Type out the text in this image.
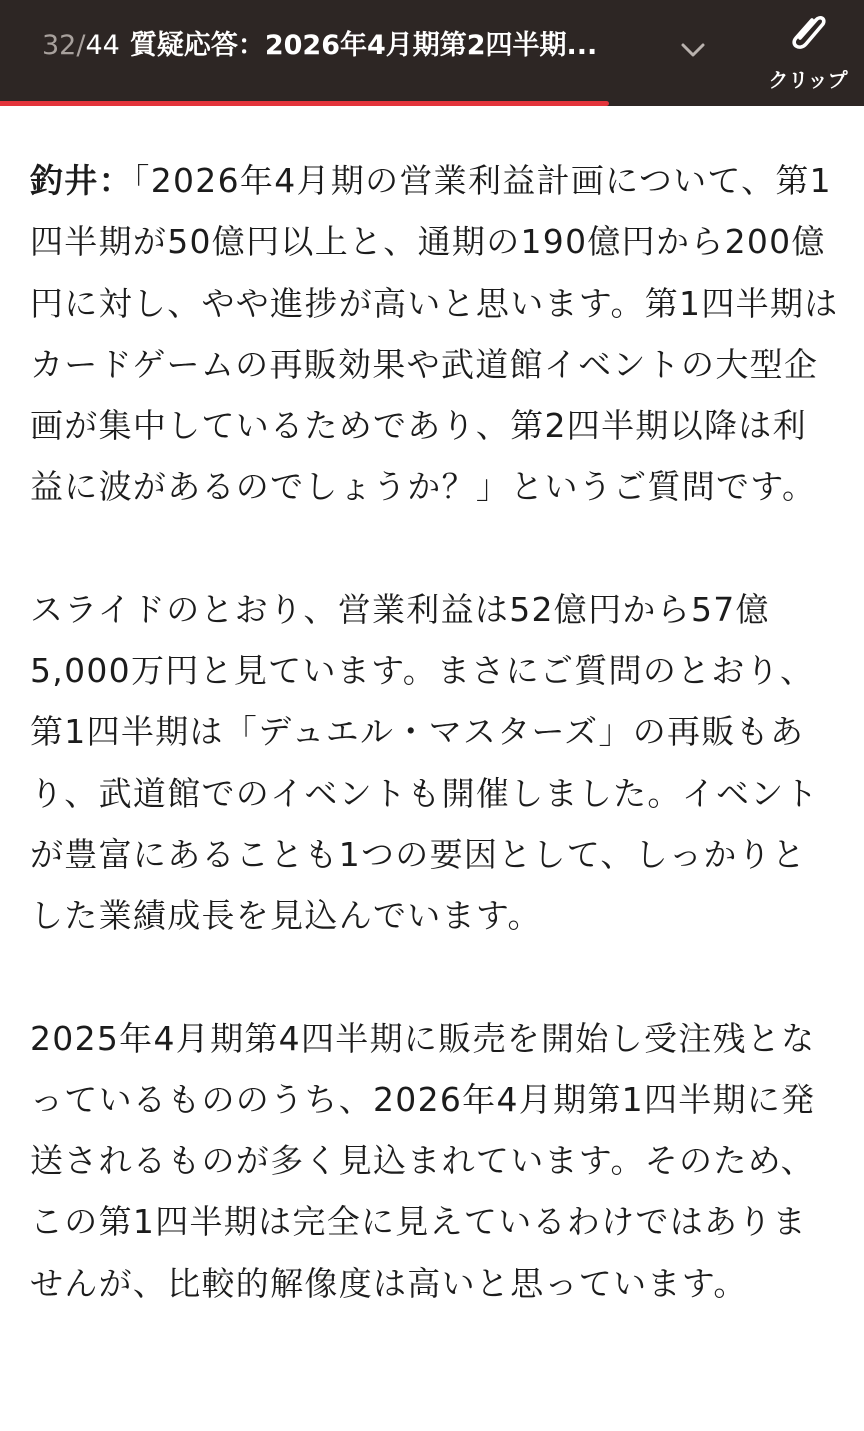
32/44 質疑応答：2026年4月期第2四半期...
クリップ

釣井：「2026年4月期の営業利益計画について、第1四半期が50億円以上と、通期の190億円から200億円に対し、やや進捗が高いと思います。第1四半期はカードゲームの再販効果や武道館イベントの大型企画が集中しているためであり、第2四半期以降は利益に波があるのでしょうか？」というご質問です。

スライドのとおり、営業利益は52億円から57億5,000万円と見ています。まさにご質問のとおり、第1四半期は「デュエル・マスターズ」の再販もあり、武道館でのイベントも開催しました。イベントが豊富にあることも1つの要因として、しっかりとした業績成長を見込んでいます。

2025年4月期第4四半期に販売を開始し受注残となっているもののうち、2026年4月期第1四半期に発送されるものが多く見込まれています。そのため、この第1四半期は完全に見えているわけではありませんが、比較的解像度は高いと思っています。
